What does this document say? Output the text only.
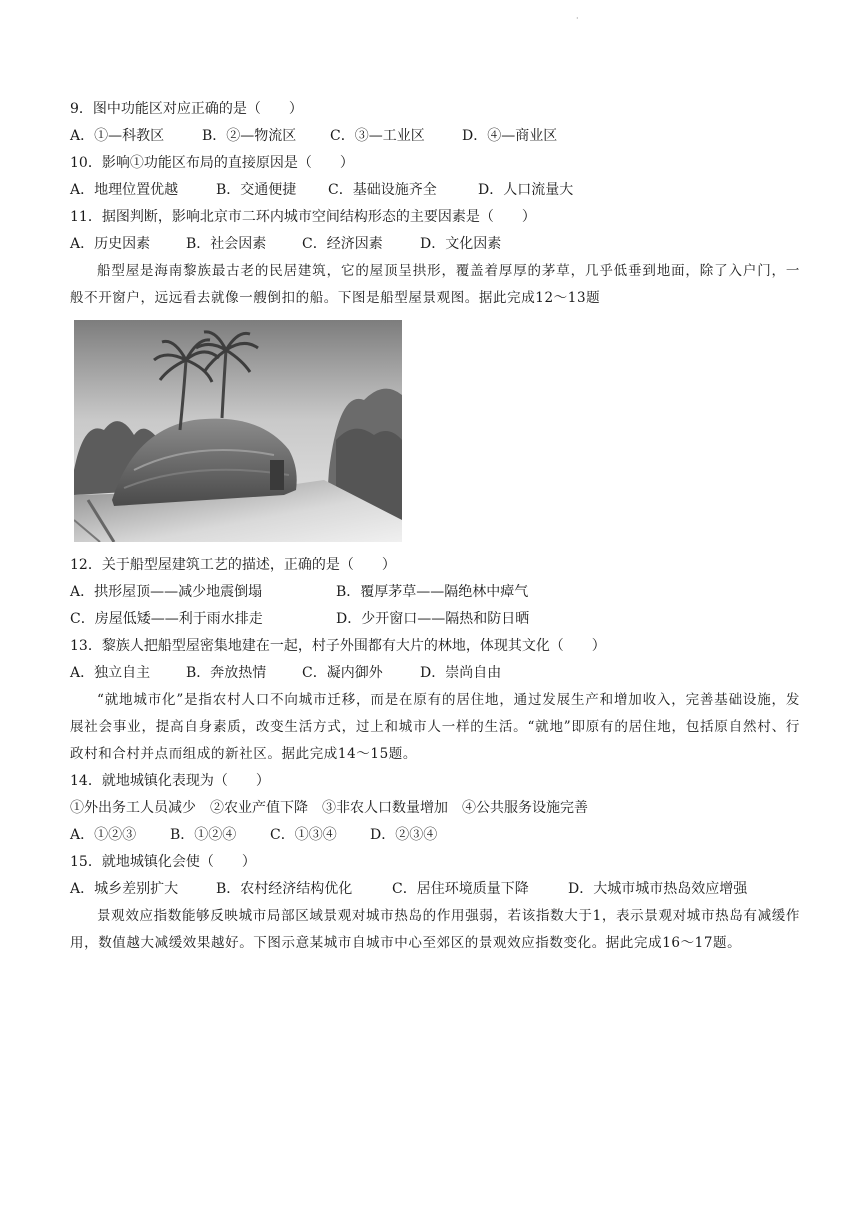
·
9．图中功能区对应正确的是（　　）
A．①—科教区	B．②—物流区	C．③—工业区	D．④—商业区
10．影响①功能区布局的直接原因是（　　）
A．地理位置优越	B．交通便捷	C．基础设施齐全	D．人口流量大
11．据图判断，影响北京市二环内城市空间结构形态的主要因素是（　　）
A．历史因素	B．社会因素	C．经济因素	D．文化因素

船型屋是海南黎族最古老的民居建筑，它的屋顶呈拱形，覆盖着厚厚的茅草，几乎低垂到地面，除了入户门，一般不开窗户，远远看去就像一艘倒扣的船。下图是船型屋景观图。据此完成12～13题

12．关于船型屋建筑工艺的描述，正确的是（　　）
A．拱形屋顶——减少地震倒塌	B．覆厚茅草——隔绝林中瘴气
C．房屋低矮——利于雨水排走	D．少开窗口——隔热和防日晒
13．黎族人把船型屋密集地建在一起，村子外围都有大片的林地，体现其文化（　　）
A．独立自主	B．奔放热情	C．凝内御外	D．崇尚自由

“就地城市化”是指农村人口不向城市迁移，而是在原有的居住地，通过发展生产和增加收入，完善基础设施，发展社会事业，提高自身素质，改变生活方式，过上和城市人一样的生活。“就地”即原有的居住地，包括原自然村、行政村和合村并点而组成的新社区。据此完成14～15题。

14．就地城镇化表现为（　　）
①外出务工人员减少　②农业产值下降　③非农人口数量增加　④公共服务设施完善
A．①②③	B．①②④	C．①③④	D．②③④
15．就地城镇化会使（　　）
A．城乡差别扩大	B．农村经济结构优化	C．居住环境质量下降	D．大城市城市热岛效应增强

景观效应指数能够反映城市局部区域景观对城市热岛的作用强弱，若该指数大于1，表示景观对城市热岛有减缓作用，数值越大减缓效果越好。下图示意某城市自城市中心至郊区的景观效应指数变化。据此完成16～17题。
